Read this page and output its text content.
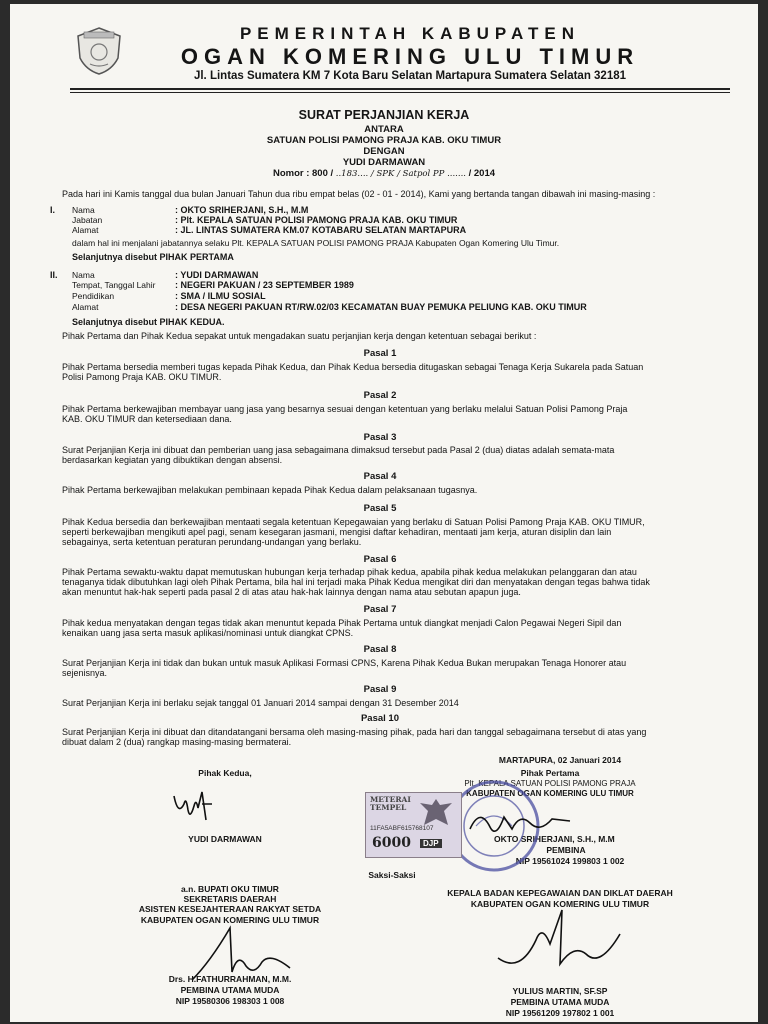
PEMERINTAH KABUPATEN
OGAN KOMERING ULU TIMUR
Jl. Lintas Sumatera KM 7 Kota Baru Selatan Martapura Sumatera Selatan 32181
SURAT PERJANJIAN KERJA
ANTARA
SATUAN POLISI PAMONG PRAJA KAB. OKU TIMUR
DENGAN
YUDI DARMAWAN
Nomor : 800 / ..183.... / SPK / Satpol PP ....... / 2014
Pada hari ini Kamis tanggal dua bulan Januari Tahun dua ribu empat belas (02 - 01 - 2014), Kami yang bertanda tangan dibawah ini masing-masing :
I. Nama	: OKTO SRIHERJANI, S.H., M.M
Jabatan	: Plt. KEPALA SATUAN POLISI PAMONG PRAJA KAB. OKU TIMUR
Alamat	: JL. LINTAS SUMATERA KM.07 KOTABARU SELATAN MARTAPURA
dalam hal ini menjalani jabatannya selaku Plt. KEPALA SATUAN POLISI PAMONG PRAJA Kabupaten Ogan Komering Ulu Timur.
Selanjutnya disebut PIHAK PERTAMA
II. Nama	: YUDI DARMAWAN
Tempat, Tanggal Lahir : NEGERI PAKUAN / 23 SEPTEMBER 1989
Pendidikan	: SMA / ILMU SOSIAL
Alamat	: DESA NEGERI PAKUAN RT/RW.02/03 KECAMATAN BUAY PEMUKA PELIUNG KAB. OKU TIMUR
Selanjutnya disebut PIHAK KEDUA.
Pihak Pertama dan Pihak Kedua sepakat untuk mengadakan suatu perjanjian kerja dengan ketentuan sebagai berikut :
Pasal 1
Pihak Pertama bersedia memberi tugas kepada Pihak Kedua, dan Pihak Kedua bersedia ditugaskan sebagai Tenaga Kerja Sukarela pada Satuan
Polisi Pamong Praja KAB. OKU TIMUR.
Pasal 2
Pihak Pertama berkewajiban membayar uang jasa yang besarnya sesuai dengan ketentuan yang berlaku melalui Satuan Polisi Pamong Praja
KAB. OKU TIMUR dan ketersediaan dana.
Pasal 3
Surat Perjanjian Kerja ini dibuat dan pemberian uang jasa sebagaimana dimaksud tersebut pada Pasal 2 (dua) diatas adalah semata-mata
berdasarkan kegiatan yang dibuktikan dengan absensi.
Pasal 4
Pihak Pertama berkewajiban melakukan pembinaan kepada Pihak Kedua dalam pelaksanaan tugasnya.
Pasal 5
Pihak Kedua bersedia dan berkewajiban mentaati segala ketentuan Kepegawaian yang berlaku di Satuan Polisi Pamong Praja KAB. OKU TIMUR,
seperti berkewajiban mengikuti apel pagi, senam kesegaran jasmani, mengisi daftar kehadiran, mentaati jam kerja, aturan disiplin dan lain
sebagainya, serta ketentuan peraturan perundang-undangan yang berlaku.
Pasal 6
Pihak Pertama sewaktu-waktu dapat memutuskan hubungan kerja terhadap pihak kedua, apabila pihak kedua melakukan pelanggaran dan atau
tenaganya tidak dibutuhkan lagi oleh Pihak Pertama, bila hal ini terjadi maka Pihak Kedua mengikat diri dan menyatakan dengan tegas bahwa tidak
akan menuntut hak-hak seperti pada pasal 2 di atas atau hak-hak lainnya dengan nama atau sebutan apapun juga.
Pasal 7
Pihak kedua menyatakan dengan tegas tidak akan menuntut kepada Pihak Pertama untuk diangkat menjadi Calon Pegawai Negeri Sipil dan
kenaikan uang jasa serta masuk aplikasi/nominasi untuk diangkat CPNS.
Pasal 8
Surat Perjanjian Kerja ini tidak dan bukan untuk masuk Aplikasi Formasi CPNS, Karena Pihak Kedua Bukan merupakan Tenaga Honorer atau
sejenisnya.
Pasal 9
Surat Perjanjian Kerja ini berlaku sejak tanggal 01 Januari 2014 sampai dengan 31 Desember 2014
Pasal 10
Surat Perjanjian Kerja ini dibuat dan ditandatangani bersama oleh masing-masing pihak, pada hari dan tanggal sebagaimana tersebut di atas yang
dibuat dalam 2 (dua) rangkap masing-masing bermaterai.
MARTAPURA, 02 Januari 2014
Pihak Pertama
Plt. KEPALA SATUAN POLISI PAMONG PRAJA
KABUPATEN OGAN KOMERING ULU TIMUR
OKTO SRIHERJANI, S.H., M.M
PEMBINA
NIP 19561024 199803 1 002
METERAI TEMPEL
11FA5ABF615768107
6000	DJP
Saksi-Saksi
Pihak Kedua,
YUDI DARMAWAN
a.n. BUPATI OKU TIMUR
SEKRETARIS DAERAH
ASISTEN KESEJAHTERAAN RAKYAT SETDA
KABUPATEN OGAN KOMERING ULU TIMUR
Drs. H.FATHURRAHMAN, M.M.
PEMBINA UTAMA MUDA
NIP 19580306 198303 1 008
KEPALA BADAN KEPEGAWAIAN DAN DIKLAT DAERAH
KABUPATEN OGAN KOMERING ULU TIMUR
YULIUS MARTIN, SF.SP
PEMBINA UTAMA MUDA
NIP 19561209 197802 1 001
